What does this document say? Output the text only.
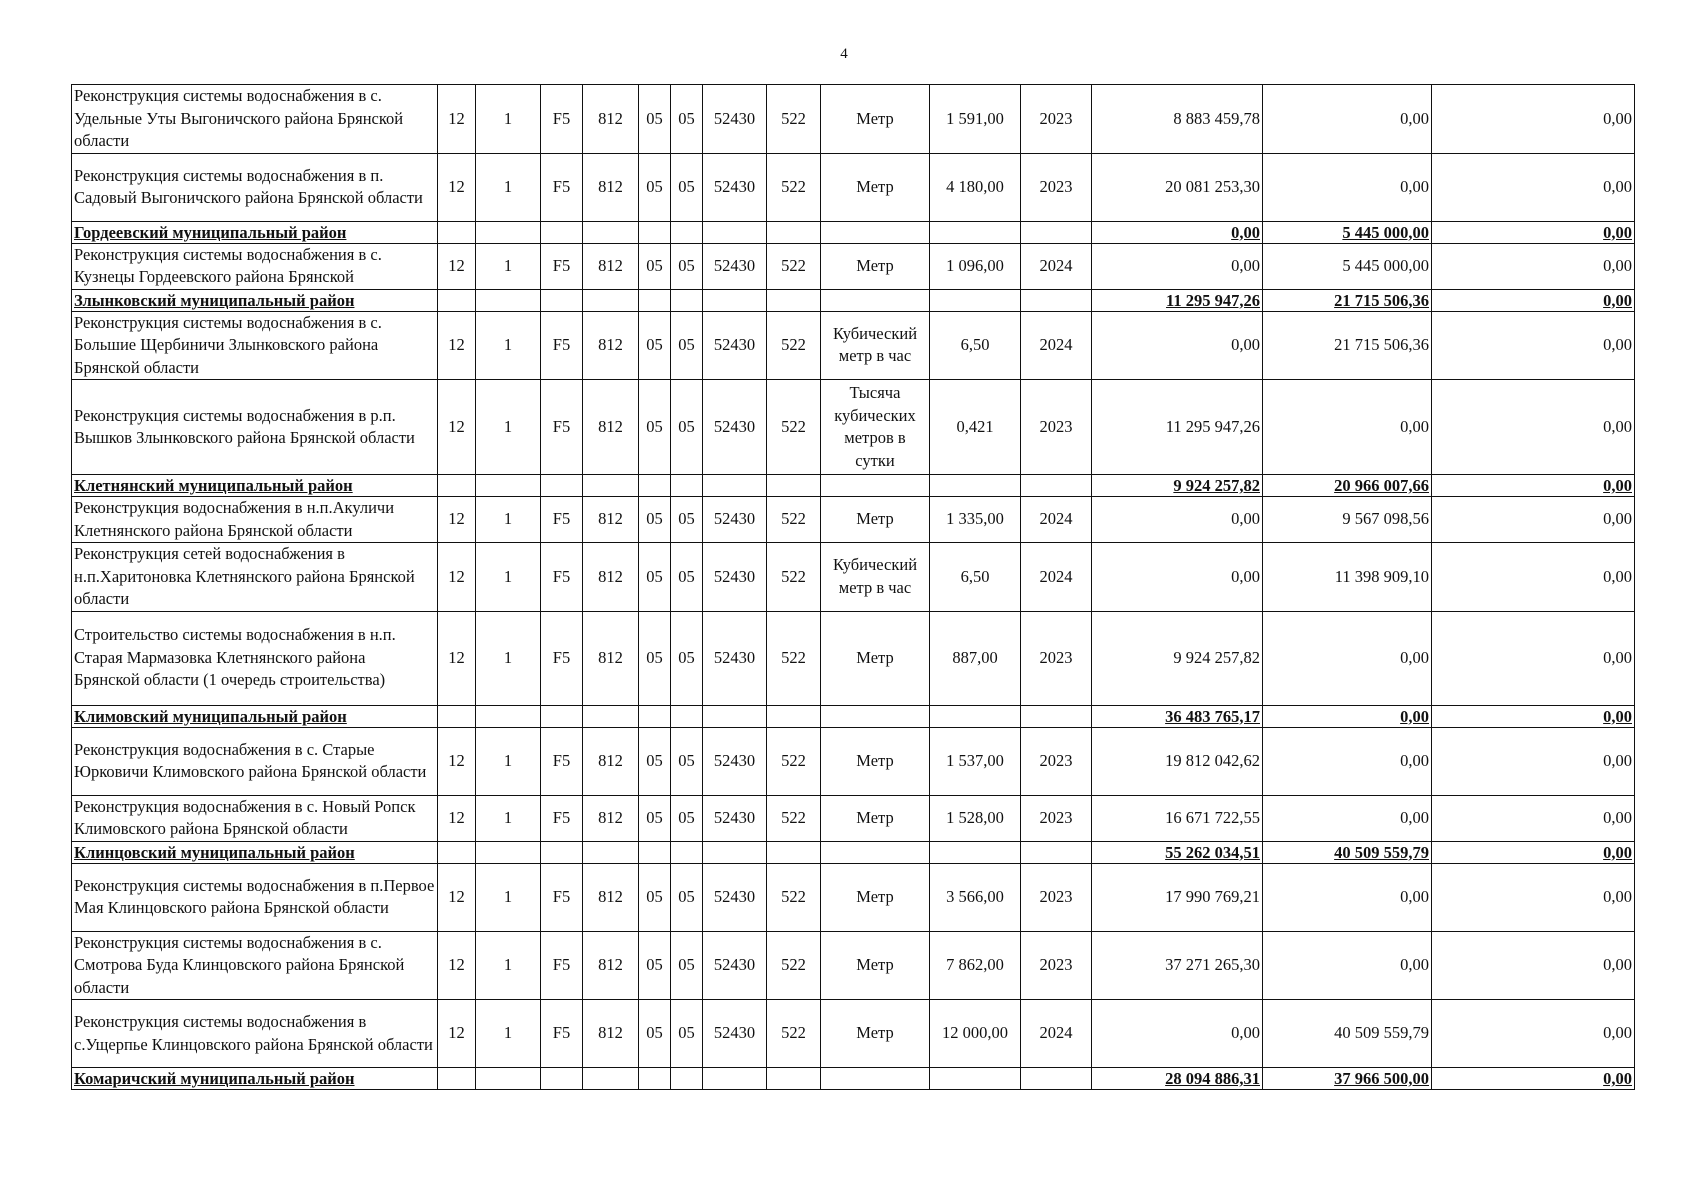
4
Реконструкция системы водоснабжения в с. Удельные Уты Выгоничского района Брянской области	12	1	F5	812	05	05	52430	522	Метр	1 591,00	2023	8 883 459,78	0,00	0,00
Реконструкция системы водоснабжения в п. Садовый Выгоничского района Брянской области	12	1	F5	812	05	05	52430	522	Метр	4 180,00	2023	20 081 253,30	0,00	0,00
Гордеевский муниципальный район												0,00	5 445 000,00	0,00
Реконструкция системы водоснабжения в с. Кузнецы Гордеевского района Брянской	12	1	F5	812	05	05	52430	522	Метр	1 096,00	2024	0,00	5 445 000,00	0,00
Злынковский муниципальный район												11 295 947,26	21 715 506,36	0,00
Реконструкция системы водоснабжения в с. Большие Щербиничи Злынковского района Брянской области	12	1	F5	812	05	05	52430	522	Кубический метр в час	6,50	2024	0,00	21 715 506,36	0,00
Реконструкция системы водоснабжения в р.п. Вышков Злынковского района Брянской области	12	1	F5	812	05	05	52430	522	Тысяча кубических метров в сутки	0,421	2023	11 295 947,26	0,00	0,00
Клетнянский муниципальный район												9 924 257,82	20 966 007,66	0,00
Реконструкция водоснабжения в н.п.Акуличи Клетнянского района Брянской области	12	1	F5	812	05	05	52430	522	Метр	1 335,00	2024	0,00	9 567 098,56	0,00
Реконструкция сетей водоснабжения в н.п.Харитоновка Клетнянского района Брянской области	12	1	F5	812	05	05	52430	522	Кубический метр в час	6,50	2024	0,00	11 398 909,10	0,00
Строительство системы водоснабжения в н.п. Старая Мармазовка Клетнянского района Брянской области (1 очередь строительства)	12	1	F5	812	05	05	52430	522	Метр	887,00	2023	9 924 257,82	0,00	0,00
Климовский муниципальный район												36 483 765,17	0,00	0,00
Реконструкция водоснабжения в с. Старые Юрковичи Климовского района Брянской области	12	1	F5	812	05	05	52430	522	Метр	1 537,00	2023	19 812 042,62	0,00	0,00
Реконструкция водоснабжения в с. Новый Ропск Климовского района Брянской области	12	1	F5	812	05	05	52430	522	Метр	1 528,00	2023	16 671 722,55	0,00	0,00
Клинцовский муниципальный район												55 262 034,51	40 509 559,79	0,00
Реконструкция системы водоснабжения в п.Первое Мая Клинцовского района Брянской области	12	1	F5	812	05	05	52430	522	Метр	3 566,00	2023	17 990 769,21	0,00	0,00
Реконструкция системы водоснабжения в с. Смотрова Буда Клинцовского района Брянской области	12	1	F5	812	05	05	52430	522	Метр	7 862,00	2023	37 271 265,30	0,00	0,00
Реконструкция системы водоснабжения в с.Ущерпье Клинцовского района Брянской области	12	1	F5	812	05	05	52430	522	Метр	12 000,00	2024	0,00	40 509 559,79	0,00
Комаричский муниципальный район												28 094 886,31	37 966 500,00	0,00
